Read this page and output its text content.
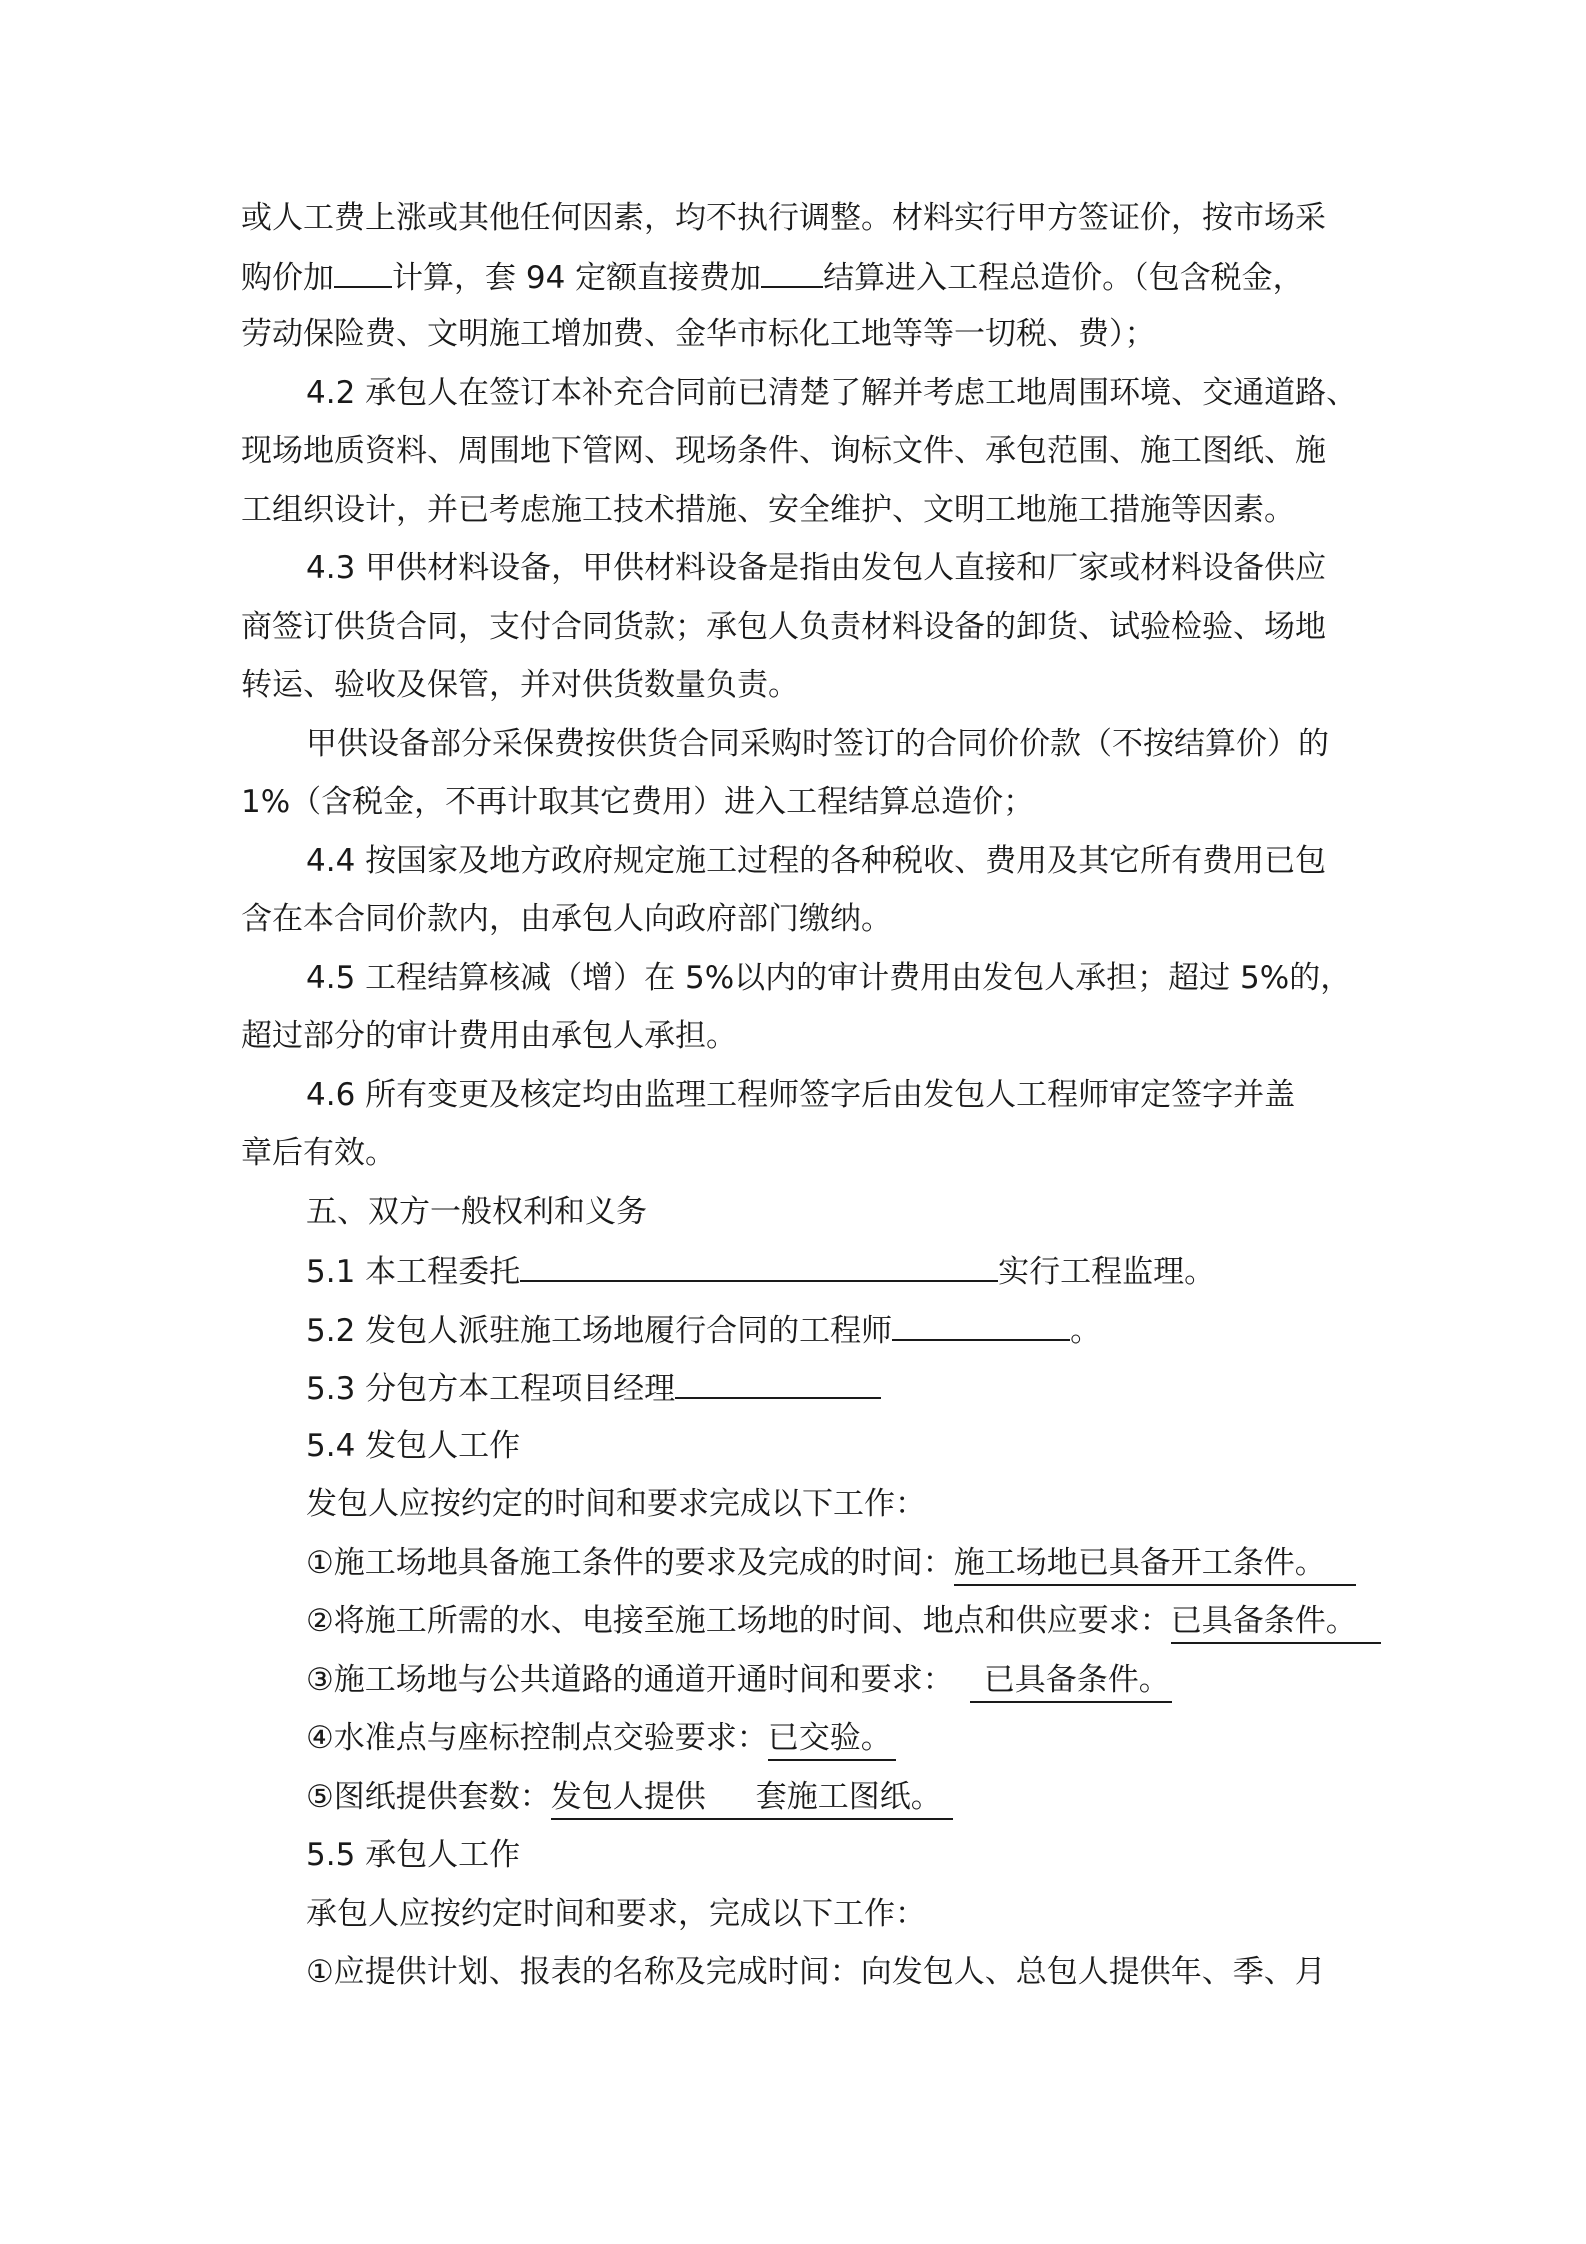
或人工费上涨或其他任何因素，均不执行调整。材料实行甲方签证价，按市场采
购价加 计算，套 94 定额直接费加 结算进入工程总造价。（包含税金，
劳动保险费、文明施工增加费、金华市标化工地等等一切税、费）；
4.2 承包人在签订本补充合同前已清楚了解并考虑工地周围环境、交通道路、
现场地质资料、周围地下管网、现场条件、询标文件、承包范围、施工图纸、施
工组织设计，并已考虑施工技术措施、安全维护、文明工地施工措施等因素。
4.3 甲供材料设备，甲供材料设备是指由发包人直接和厂家或材料设备供应
商签订供货合同，支付合同货款；承包人负责材料设备的卸货、试验检验、场地
转运、验收及保管，并对供货数量负责。
甲供设备部分采保费按供货合同采购时签订的合同价价款（不按结算价）的
1%（含税金，不再计取其它费用）进入工程结算总造价；
4.4 按国家及地方政府规定施工过程的各种税收、费用及其它所有费用已包
含在本合同价款内，由承包人向政府部门缴纳。
4.5 工程结算核减（增）在 5%以内的审计费用由发包人承担；超过 5%的，
超过部分的审计费用由承包人承担。
4.6 所有变更及核定均由监理工程师签字后由发包人工程师审定签字并盖
章后有效。
五、双方一般权利和义务
5.1 本工程委托	实行工程监理。
5.2 发包人派驻施工场地履行合同的工程师	。
5.3 分包方本工程项目经理
5.4 发包人工作
发包人应按约定的时间和要求完成以下工作：
①施工场地具备施工条件的要求及完成的时间：施工场地已具备开工条件。
②将施工所需的水、电接至施工场地的时间、地点和供应要求：已具备条件。
③施工场地与公共道路的通道开通时间和要求： 已具备条件。
④水准点与座标控制点交验要求：已交验。
⑤图纸提供套数：发包人提供 套施工图纸。
5.5 承包人工作
承包人应按约定时间和要求，完成以下工作：
①应提供计划、报表的名称及完成时间：向发包人、总包人提供年、季、月
